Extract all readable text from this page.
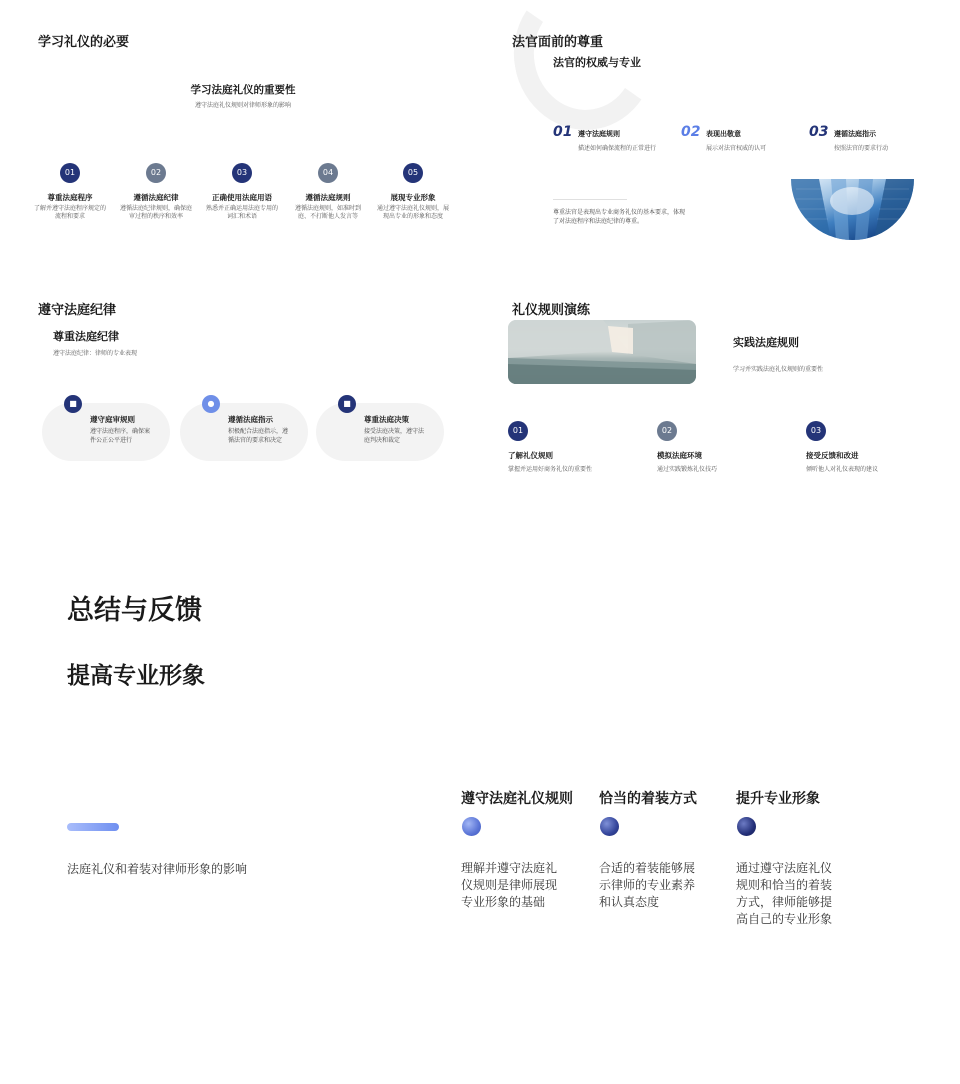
学习礼仪的必要
学习法庭礼仪的重要性
遵守法庭礼仪规则对律师形象的影响
01
尊重法庭程序
了解并遵守法庭程序规定的流程和要求
02
遵循法庭纪律
遵循法庭纪律规则，确保庭审过程的秩序和效率
03
正确使用法庭用语
熟悉并正确运用法庭专用的词汇和术语
04
遵循法庭规则
遵循法庭规则，如准时到庭、不打断他人发言等
05
展现专业形象
通过遵守法庭礼仪规则，展现出专业的形象和态度
法官面前的尊重
法官的权威与专业
01 遵守法庭规则
描述如何确保流程的正常进行
02 表现出敬意
展示对法官权威的认可
03 遵循法庭指示
按照法官的要求行动
尊重法官是表现出专业商务礼仪的基本要求，体现了对法庭程序和法庭纪律的尊重。
遵守法庭纪律
尊重法庭纪律
遵守法庭纪律：律师的专业表现
■
遵守庭审规则
遵守法庭程序，确保案件公正公平进行
●
遵循法庭指示
积极配合法庭指示，遵循法官的要求和决定
■
尊重法庭决策
接受法庭决策，遵守法庭判决和裁定
礼仪规则演练
实践法庭规则
学习并实践法庭礼仪规则的重要性
01
了解礼仪规则
掌握并运用好商务礼仪的重要性
02
模拟法庭环境
通过实践锻炼礼仪技巧
03
接受反馈和改进
倾听他人对礼仪表现的建议
总结与反馈
提高专业形象
法庭礼仪和着装对律师形象的影响
遵守法庭礼仪规则
理解并遵守法庭礼仪规则是律师展现专业形象的基础
恰当的着装方式
合适的着装能够展示律师的专业素养和认真态度
提升专业形象
通过遵守法庭礼仪规则和恰当的着装方式，律师能够提高自己的专业形象
